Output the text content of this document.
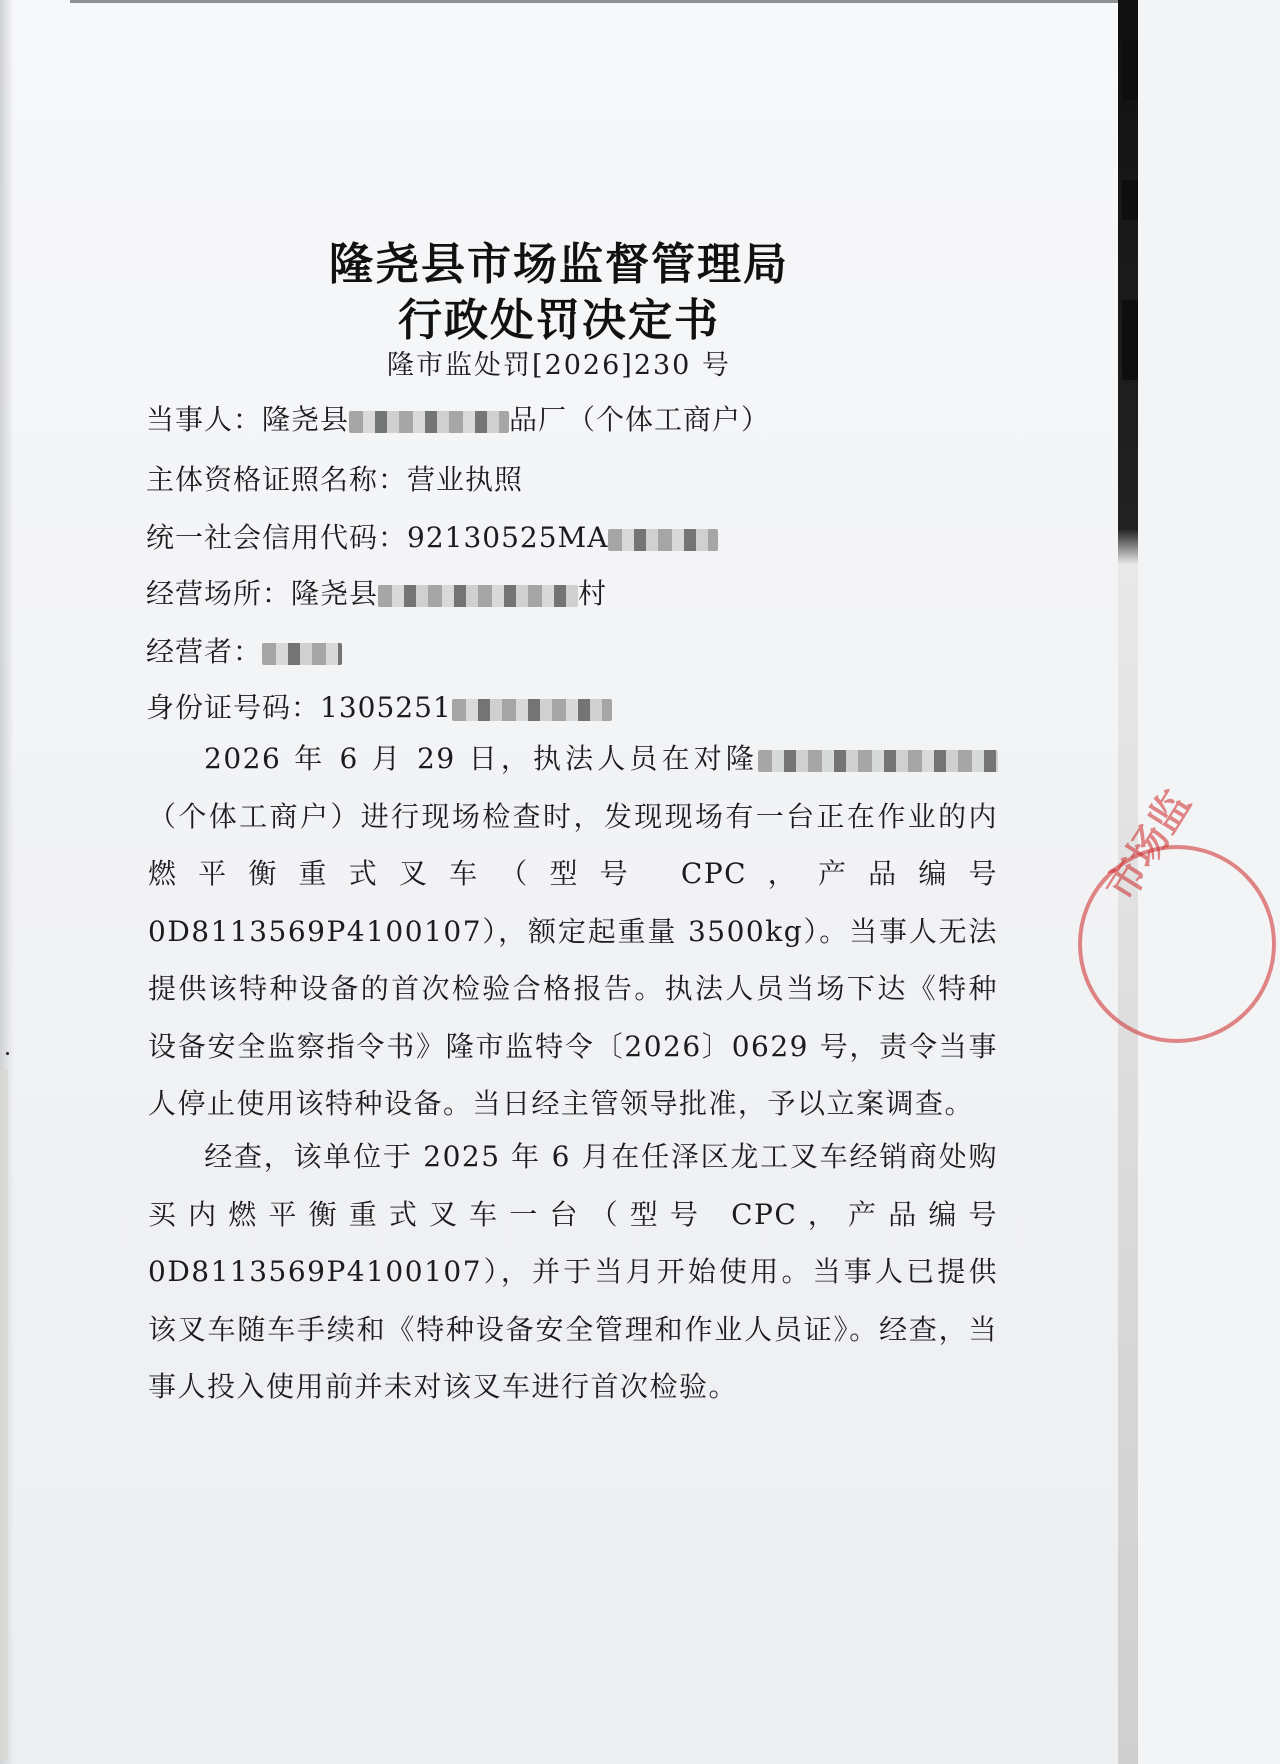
市场监
隆尧县市场监督管理局
行政处罚决定书
隆市监处罚[2026]230 号
当事人：隆尧县	品厂（个体工商户）
主体资格证照名称：营业执照
统一社会信用代码：92130525MA
经营场所：隆尧县	村
经营者：
身份证号码：1305251

2026 年 6 月 29 日，执法人员在对隆（个体工商户）进行现场检查时，发现现场有一台正在作业的内燃平衡重式叉车（型号 CPC，产品编号 0D8113569P4100107），额定起重量 3500kg）。当事人无法提供该特种设备的首次检验合格报告。执法人员当场下达《特种设备安全监察指令书》隆市监特令〔2026〕0629 号，责令当事人停止使用该特种设备。当日经主管领导批准，予以立案调查。

经查，该单位于 2025 年 6 月在任泽区龙工叉车经销商处购买内燃平衡重式叉车一台（型号 CPC，产品编号 0D8113569P4100107），并于当月开始使用。当事人已提供该叉车随车手续和《特种设备安全管理和作业人员证》。经查，当事人投入使用前并未对该叉车进行首次检验。
